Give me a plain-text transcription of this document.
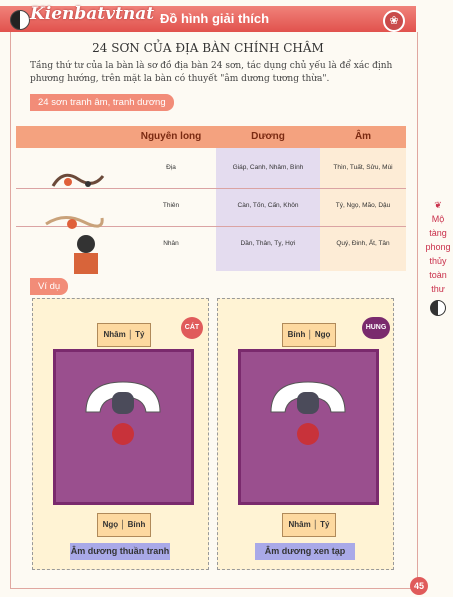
Kienbatvtnat Đồ hình giải thích	❀
24 SƠN CỦA ĐỊA BÀN CHÍNH CHÂM
Tầng thứ tư của la bàn là sơ đồ địa bàn 24 sơn, tác dụng chủ yếu là để xác định phương hướng, trên mặt la bàn có thuyết "âm dương tương thừa".
24 sơn tranh âm, tranh dương
Nguyên long	Dương	Âm
Địa	Giáp, Canh, Nhâm, Bính	Thìn, Tuất, Sửu, Mùi
Thiên	Càn, Tốn, Cấn, Khôn	Tý, Ngọ, Mão, Dậu
Nhân	Dần, Thân, Tỵ, Hợi	Quý, Đinh, Ất, Tân
❦
Mộ
tàng
phong
thủy
toàn
thư
Ví dụ
Nhâm │ Tý
Ngọ │ Bính
CÁT
Âm dương thuần tranh
Bính │ Ngọ
Nhâm │ Tý
HUNG
Âm dương xen tạp
45
